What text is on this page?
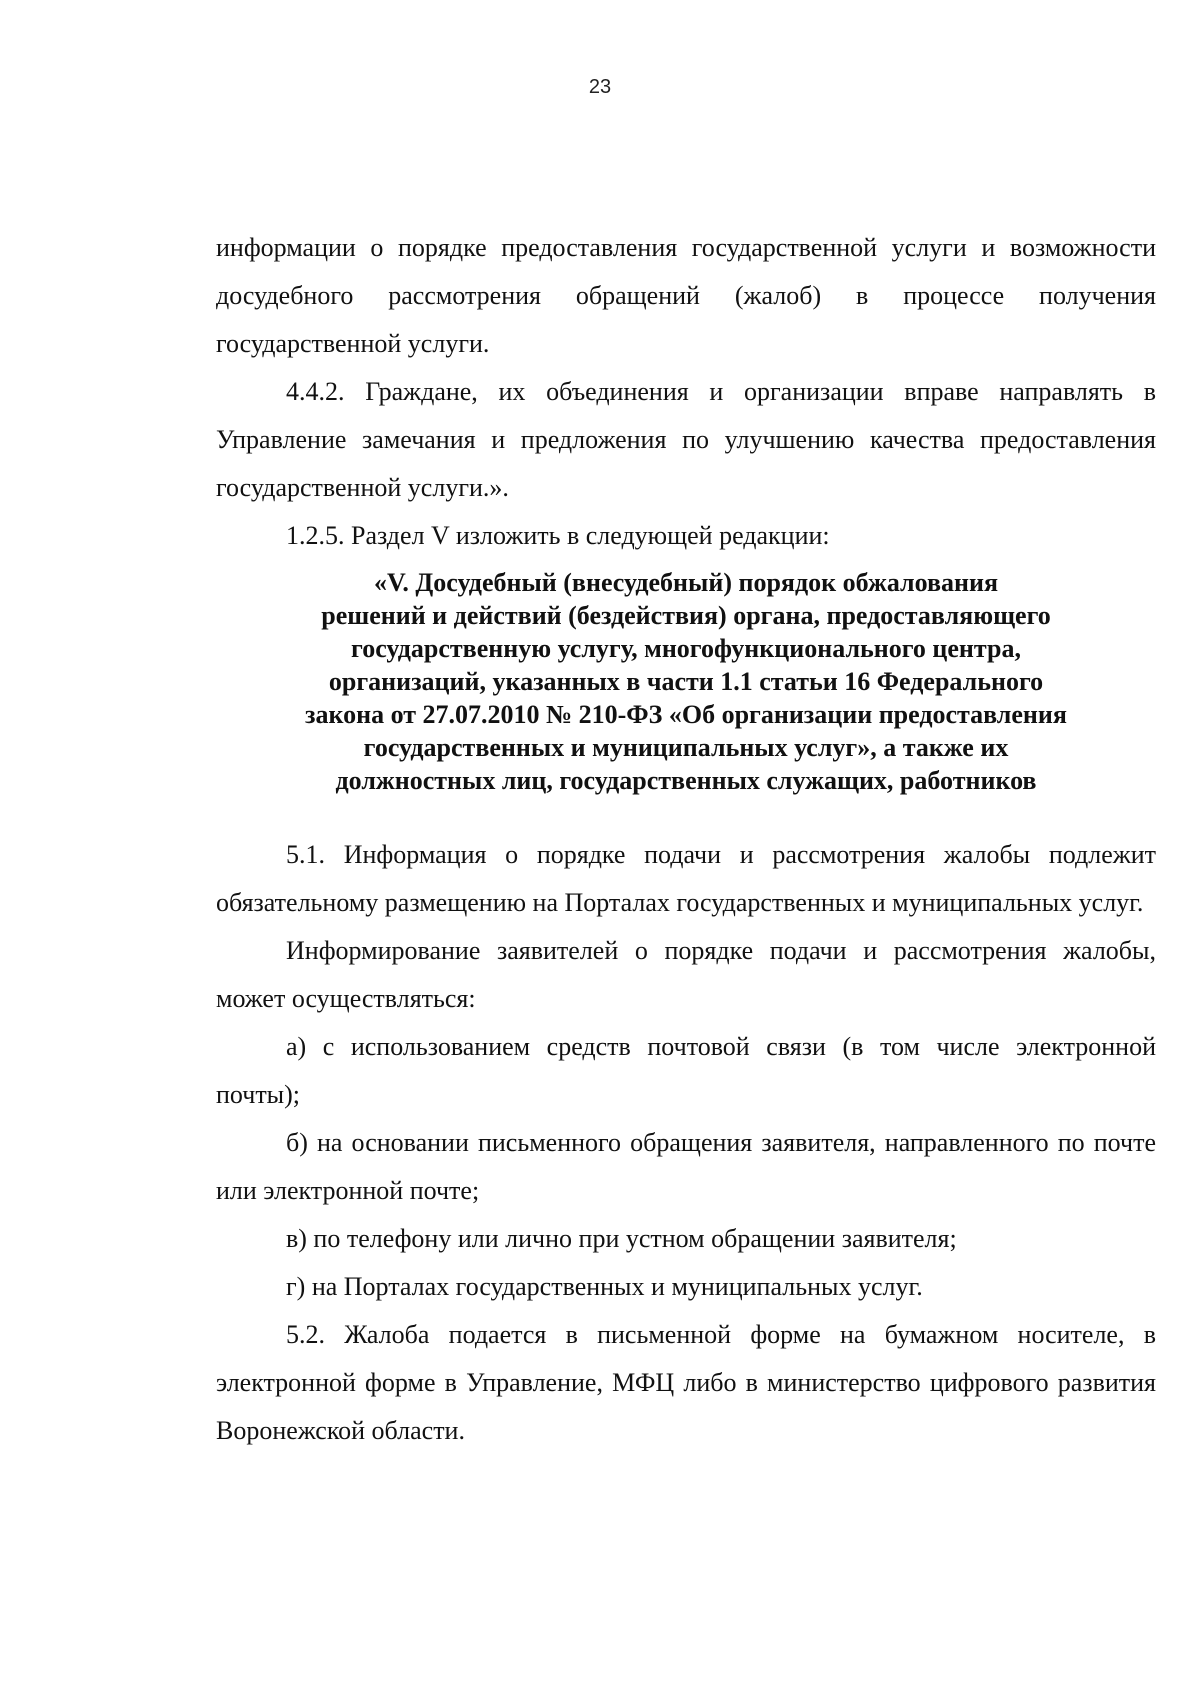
23

информации о порядке предоставления государственной услуги и возможности досудебного рассмотрения обращений (жалоб) в процессе получения государственной услуги.

4.4.2. Граждане, их объединения и организации вправе направлять в Управление замечания и предложения по улучшению качества предоставления государственной услуги.».

1.2.5. Раздел V изложить в следующей редакции:

«V. Досудебный (внесудебный) порядок обжалования
решений и действий (бездействия) органа, предоставляющего
государственную услугу, многофункционального центра,
организаций, указанных в части 1.1 статьи 16 Федерального
закона от 27.07.2010 № 210-ФЗ «Об организации предоставления
государственных и муниципальных услуг», а также их
должностных лиц, государственных служащих, работников

5.1. Информация о порядке подачи и рассмотрения жалобы подлежит обязательному размещению на Порталах государственных и муниципальных услуг.

Информирование заявителей о порядке подачи и рассмотрения жалобы, может осуществляться:

а) с использованием средств почтовой связи (в том числе электронной почты);

б) на основании письменного обращения заявителя, направленного по почте или электронной почте;

в) по телефону или лично при устном обращении заявителя;

г) на Порталах государственных и муниципальных услуг.

5.2. Жалоба подается в письменной форме на бумажном носителе, в электронной форме в Управление, МФЦ либо в министерство цифрового развития Воронежской области.
